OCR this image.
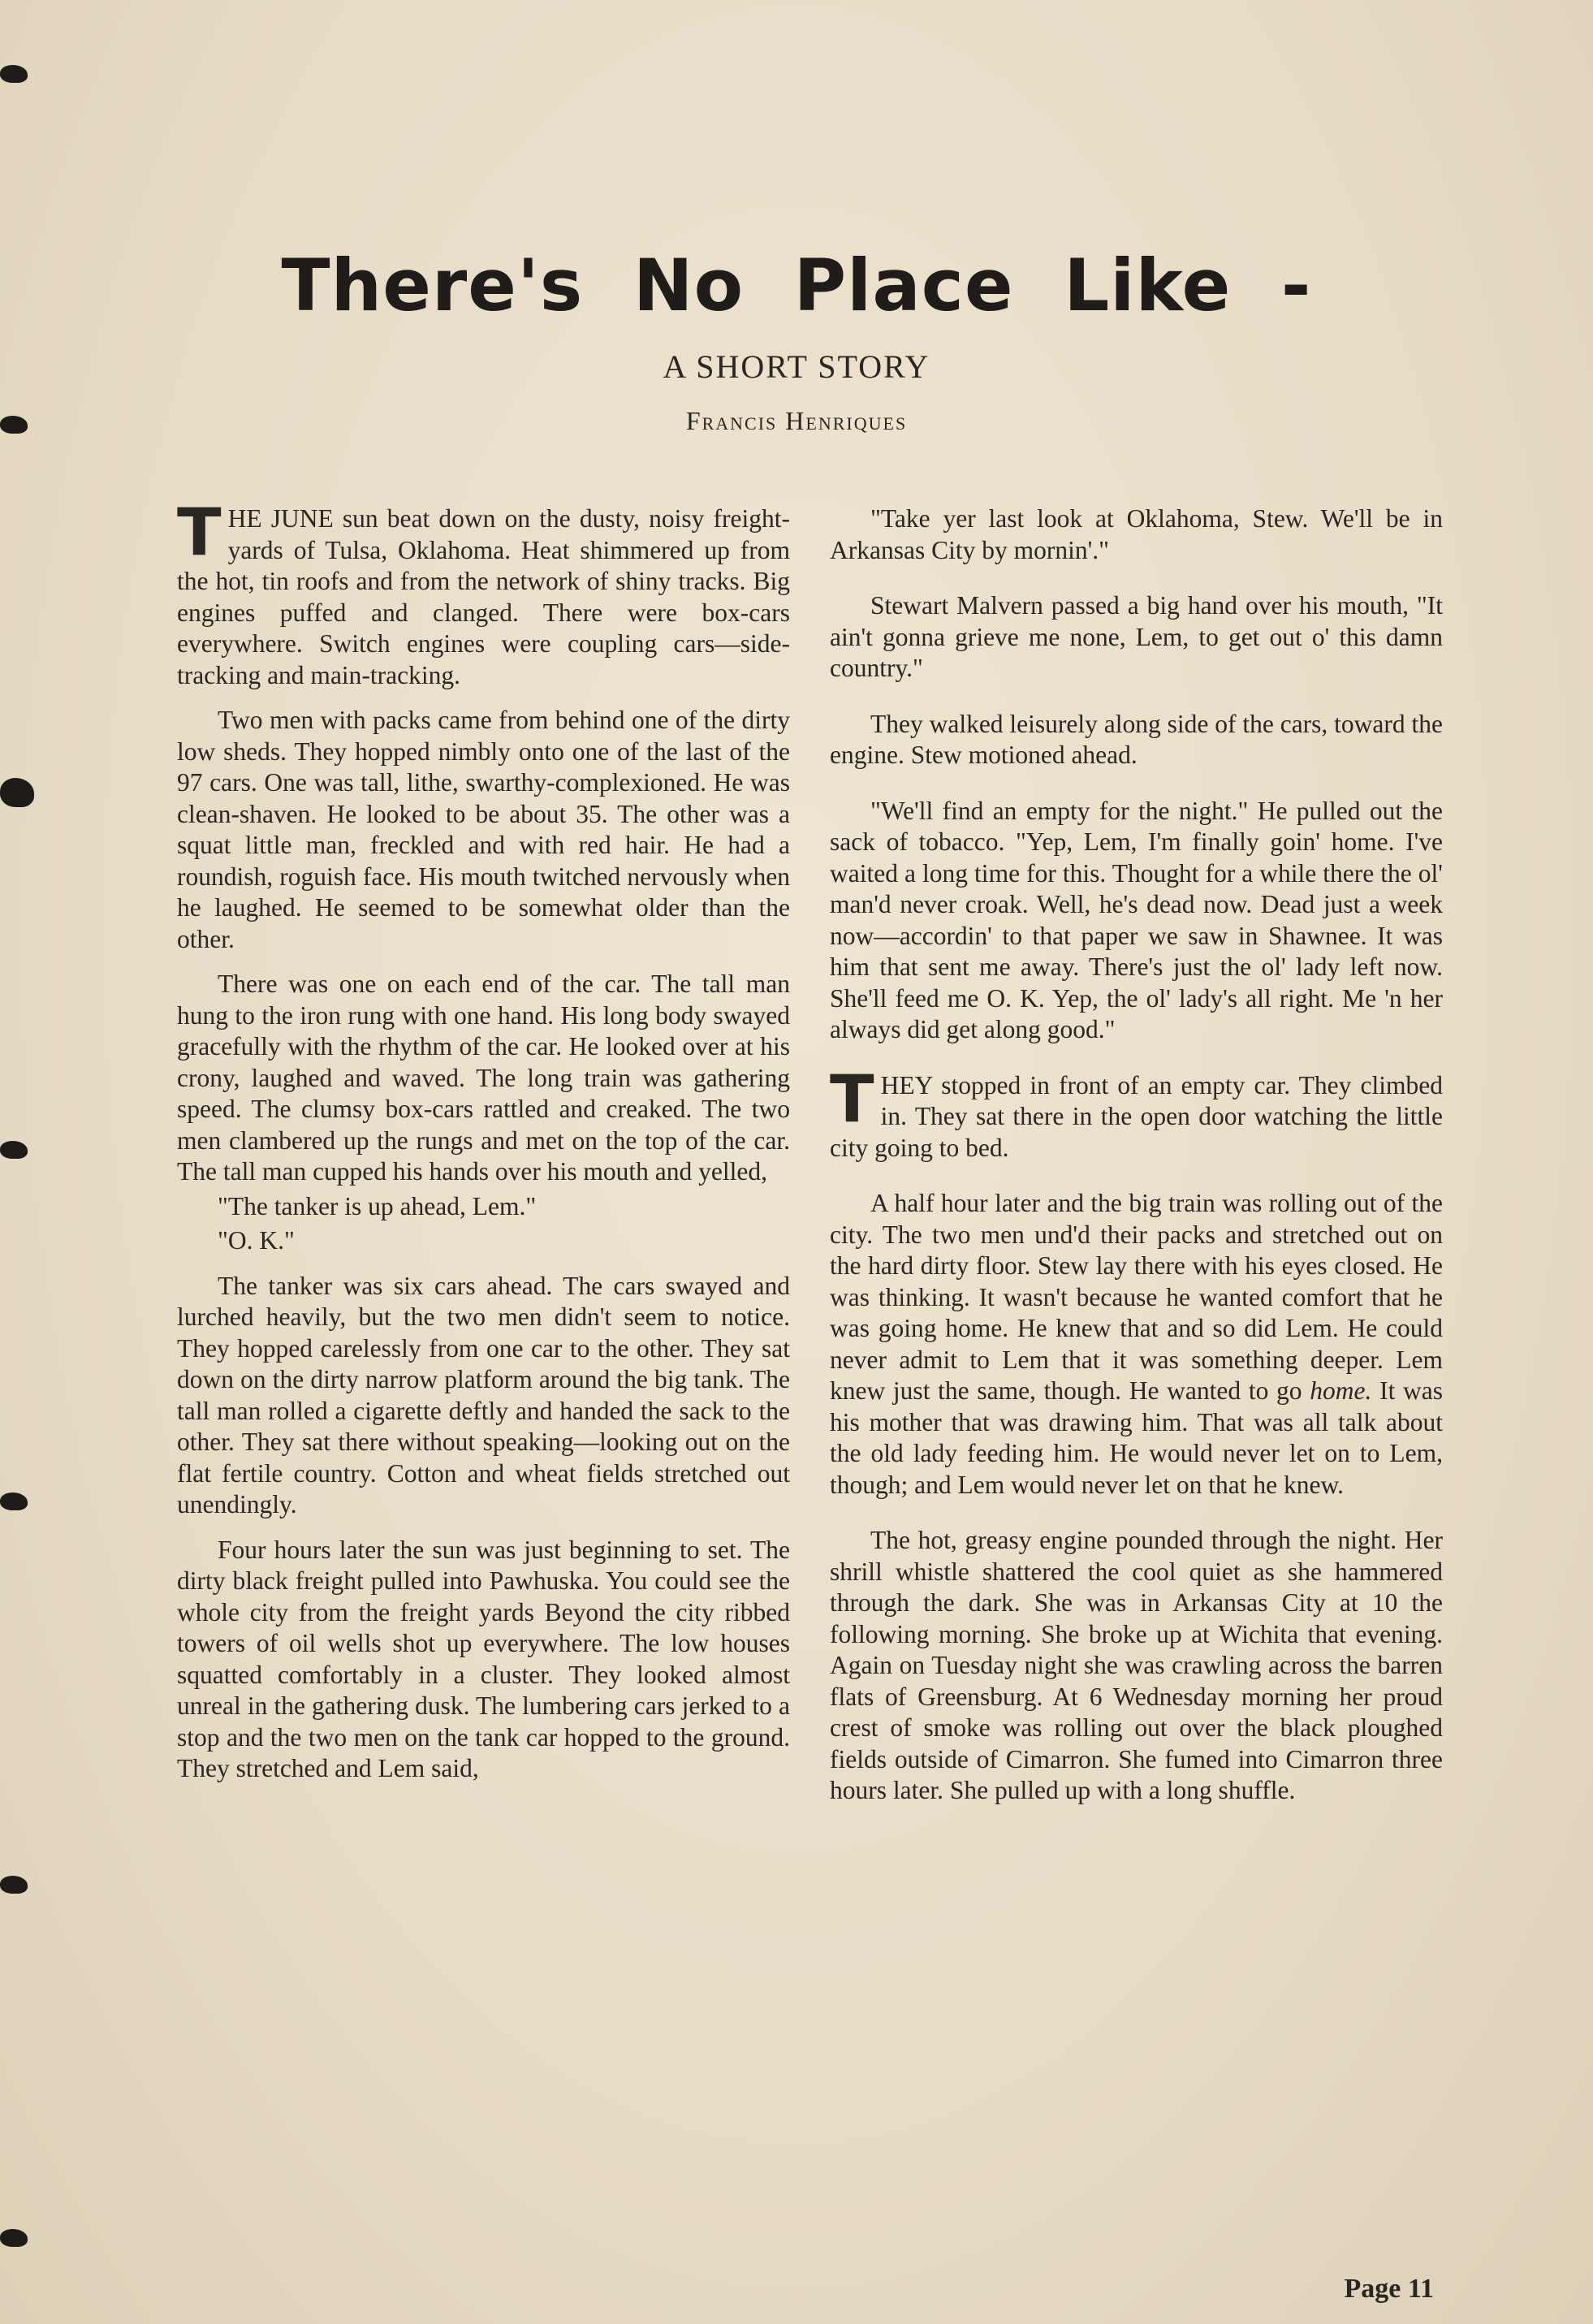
There's No Place Like -
A SHORT STORY
Francis Henriques

THE JUNE sun beat down on the dusty, noisy freight-yards of Tulsa, Oklahoma. Heat shimmered up from the hot, tin roofs and from the network of shiny tracks. Big engines puffed and clanged. There were box-cars everywhere. Switch engines were coupling cars—side-tracking and main-tracking.

Two men with packs came from behind one of the dirty low sheds. They hopped nimbly onto one of the last of the 97 cars. One was tall, lithe, swarthy-complexioned. He was clean-shaven. He looked to be about 35. The other was a squat little man, freckled and with red hair. He had a roundish, roguish face. His mouth twitched nervously when he laughed. He seemed to be somewhat older than the other.

There was one on each end of the car. The tall man hung to the iron rung with one hand. His long body swayed gracefully with the rhythm of the car. He looked over at his crony, laughed and waved. The long train was gathering speed. The clumsy box-cars rattled and creaked. The two men clambered up the rungs and met on the top of the car. The tall man cupped his hands over his mouth and yelled,

"The tanker is up ahead, Lem."

"O. K."

The tanker was six cars ahead. The cars swayed and lurched heavily, but the two men didn't seem to notice. They hopped carelessly from one car to the other. They sat down on the dirty narrow platform around the big tank. The tall man rolled a cigarette deftly and handed the sack to the other. They sat there without speaking—looking out on the flat fertile country. Cotton and wheat fields stretched out unendingly.

Four hours later the sun was just beginning to set. The dirty black freight pulled into Pawhuska. You could see the whole city from the freight yards Beyond the city ribbed towers of oil wells shot up everywhere. The low houses squatted comfortably in a cluster. They looked almost unreal in the gathering dusk. The lumbering cars jerked to a stop and the two men on the tank car hopped to the ground. They stretched and Lem said,

"Take yer last look at Oklahoma, Stew. We'll be in Arkansas City by mornin'."

Stewart Malvern passed a big hand over his mouth, "It ain't gonna grieve me none, Lem, to get out o' this damn country."

They walked leisurely along side of the cars, toward the engine. Stew motioned ahead.

"We'll find an empty for the night." He pulled out the sack of tobacco. "Yep, Lem, I'm finally goin' home. I've waited a long time for this. Thought for a while there the ol' man'd never croak. Well, he's dead now. Dead just a week now—accordin' to that paper we saw in Shawnee. It was him that sent me away. There's just the ol' lady left now. She'll feed me O. K. Yep, the ol' lady's all right. Me 'n her always did get along good."

THEY stopped in front of an empty car. They climbed in. They sat there in the open door watching the little city going to bed.

A half hour later and the big train was rolling out of the city. The two men und'd their packs and stretched out on the hard dirty floor. Stew lay there with his eyes closed. He was thinking. It wasn't because he wanted comfort that he was going home. He knew that and so did Lem. He could never admit to Lem that it was something deeper. Lem knew just the same, though. He wanted to go home. It was his mother that was drawing him. That was all talk about the old lady feeding him. He would never let on to Lem, though; and Lem would never let on that he knew.

The hot, greasy engine pounded through the night. Her shrill whistle shattered the cool quiet as she hammered through the dark. She was in Arkansas City at 10 the following morning. She broke up at Wichita that evening. Again on Tuesday night she was crawling across the barren flats of Greensburg. At 6 Wednesday morning her proud crest of smoke was rolling out over the black ploughed fields outside of Cimarron. She fumed into Cimarron three hours later. She pulled up with a long shuffle.

Page 11
